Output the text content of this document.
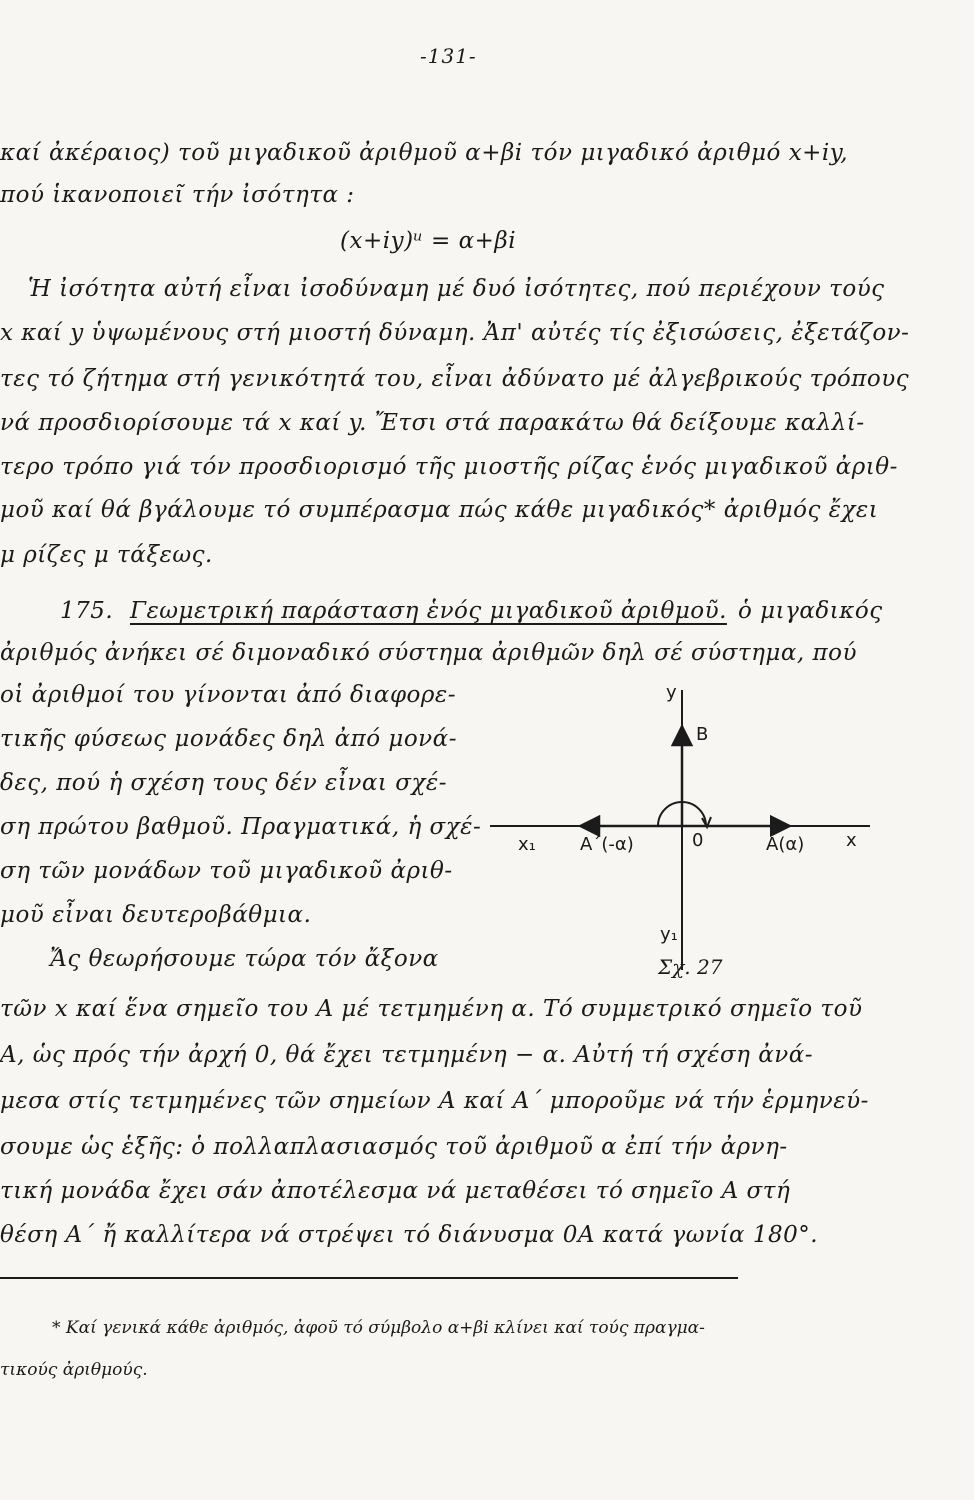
-131-
καί ἀκέραιος) τοῦ μιγαδικοῦ ἀριθμοῦ α+βi τόν μιγαδικό ἀριθμό x+iy,
πού ἱκανοποιεῖ τήν ἰσότητα :
(x+iy)ᵘ = α+βi
Ἡ ἰσότητα αὐτή εἶναι ἰσοδύναμη μέ δυό ἰσότητες, πού περιέχουν τούς
x καί y ὑψωμένους στή μιοστή δύναμη. Ἀπ' αὐτές τίς ἐξισώσεις, ἐξετάζον-
τες τό ζήτημα στή γενικότητά του, εἶναι ἀδύνατο μέ ἀλγεβρικούς τρόπους
νά προσδιορίσουμε τά x καί y. Ἔτσι στά παρακάτω θά δείξουμε καλλί-
τερο τρόπο γιά τόν προσδιορισμό τῆς μιοστῆς ρίζας ἑνός μιγαδικοῦ ἀριθ-
μοῦ καί θά βγάλουμε τό συμπέρασμα πώς κάθε μιγαδικός* ἀριθμός ἔχει
μ ρίζες μ τάξεως.
175. Γεωμετρική παράσταση ἑνός μιγαδικοῦ ἀριθμοῦ. ὁ μιγαδικός
ἀριθμός ἀνήκει σέ διμοναδικό σύστημα ἀριθμῶν δηλ σέ σύστημα, πού
οἱ ἀριθμοί του γίνονται ἀπό διαφορε-
τικῆς φύσεως μονάδες δηλ ἀπό μονά-
δες, πού ἡ σχέση τους δέν εἶναι σχέ-
ση πρώτου βαθμοῦ. Πραγματικά, ἡ σχέ-
ση τῶν μονάδων τοῦ μιγαδικοῦ ἀριθ-
μοῦ εἶναι δευτεροβάθμια.
Ἄς θεωρήσουμε τώρα τόν ἄξονα
τῶν x καί ἕνα σημεῖο του A μέ τετμημένη α. Τό συμμετρικό σημεῖο τοῦ
A, ὡς πρός τήν ἀρχή 0, θά ἔχει τετμημένη − α. Αὐτή τή σχέση ἀνά-
μεσα στίς τετμημένες τῶν σημείων A καί A΄ μποροῦμε νά τήν ἑρμηνεύ-
σουμε ὡς ἑξῆς: ὁ πολλαπλασιασμός τοῦ ἀριθμοῦ α ἐπί τήν ἀρνη-
τική μονάδα ἔχει σάν ἀποτέλεσμα νά μεταθέσει τό σημεῖο A στή
θέση A΄ ἤ καλλίτερα νά στρέψει τό διάνυσμα 0A κατά γωνία 180°.
y
B
x₁ A΄(-α)	0	A(α) x
y₁
Σχ. 27
* Καί γενικά κάθε ἀριθμός, ἀφοῦ τό σύμβολο α+βi κλίνει καί τούς πραγμα-
τικούς ἀριθμούς.
